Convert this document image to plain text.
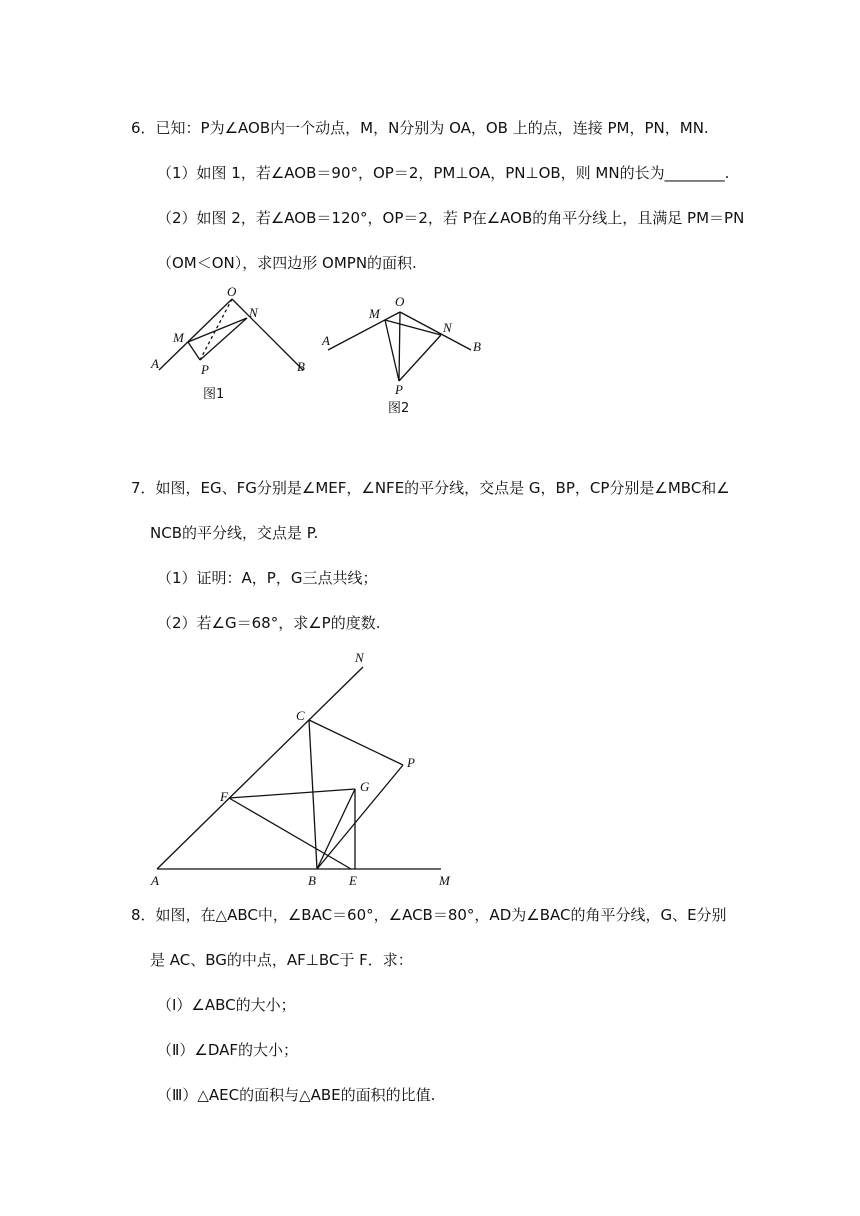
6．已知：P为∠AOB内一个动点，M，N分别为 OA，OB 上的点，连接 PM，PN，MN.
（1）如图 1，若∠AOB＝90°，OP＝2，PM⊥OA，PN⊥OB，则 MN的长为________.
（2）如图 2，若∠AOB＝120°，OP＝2，若 P在∠AOB的角平分线上，且满足 PM＝PN
（OM＜ON），求四边形 OMPN的面积.
O
N
M
A	P	B
图1
O
M
N
A	B
P
图2
7．如图，EG、FG分别是∠MEF，∠NFE的平分线，交点是 G，BP，CP分别是∠MBC和∠
NCB的平分线，交点是 P.
（1）证明：A，P，G三点共线；
（2）若∠G＝68°，求∠P的度数.
N
C
P
G
F
A	B	E	M
8．如图，在△ABC中，∠BAC＝60°，∠ACB＝80°，AD为∠BAC的角平分线，G、E分别
是 AC、BG的中点，AF⊥BC于 F．求：
（Ⅰ）∠ABC的大小；
（Ⅱ）∠DAF的大小；
（Ⅲ）△AEC的面积与△ABE的面积的比值.
